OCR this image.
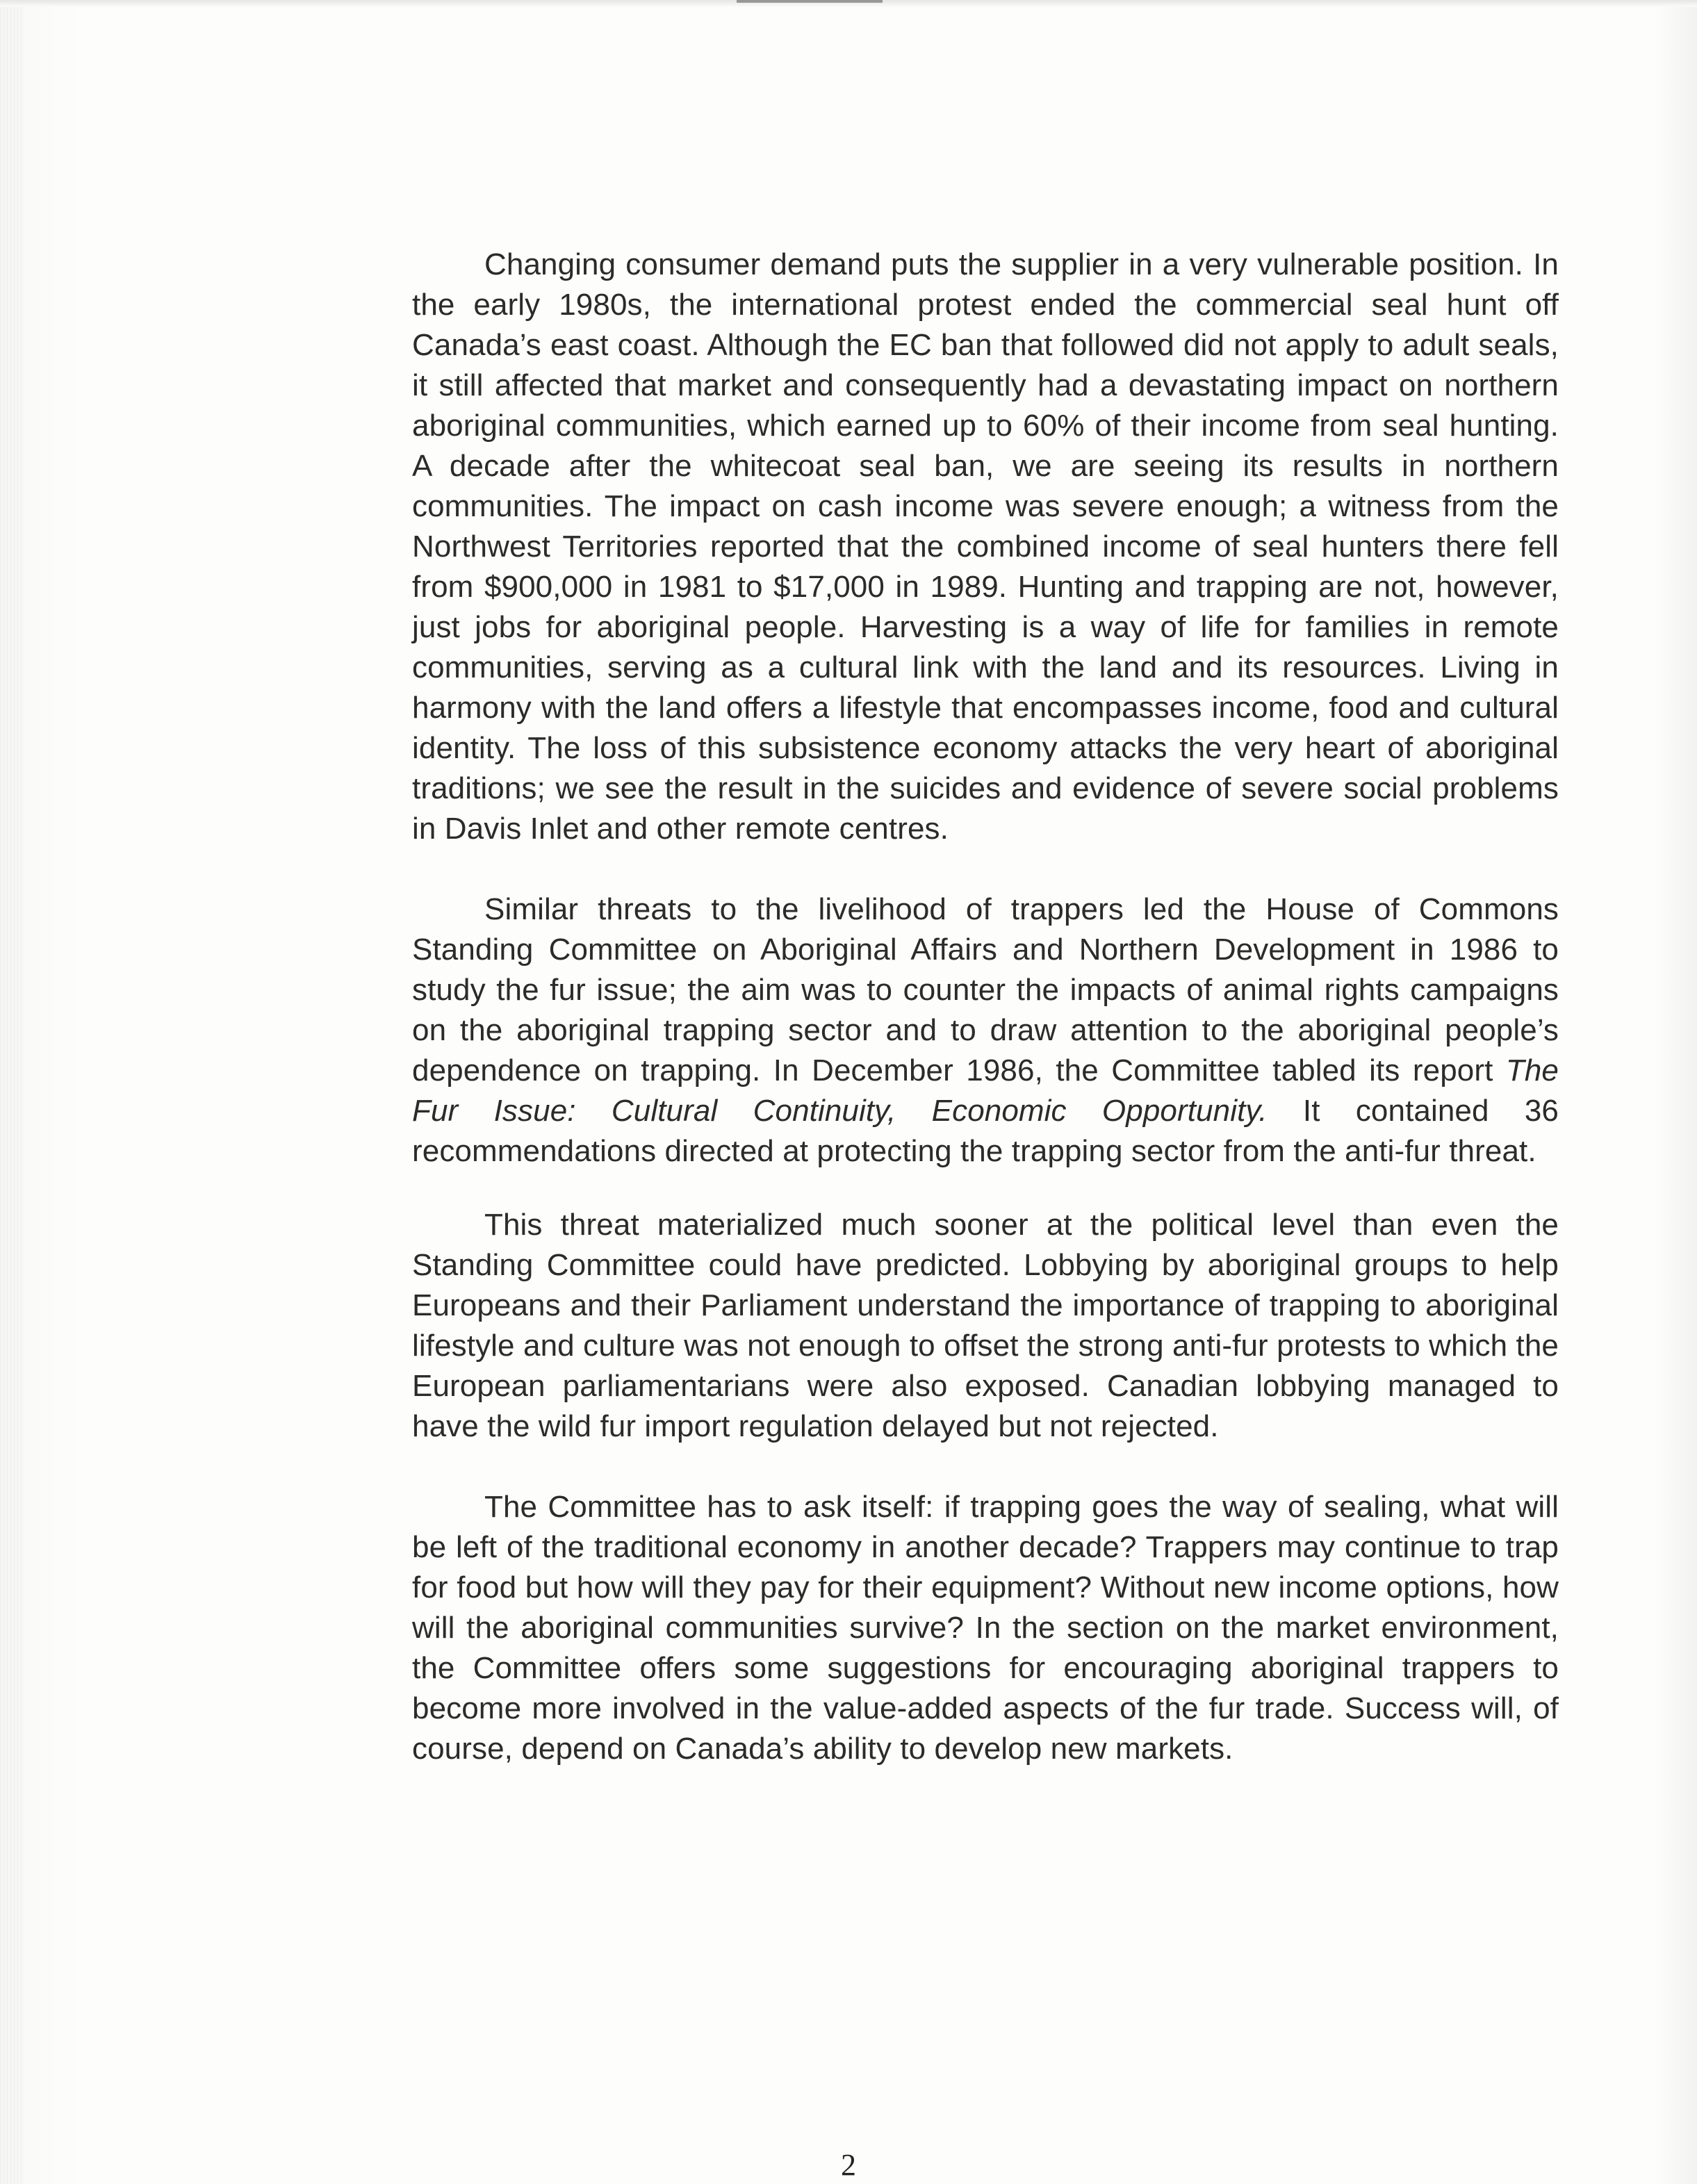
Changing consumer demand puts the supplier in a very vulnerable position. In the early 1980s, the international protest ended the commercial seal hunt off Canada’s east coast. Although the EC ban that followed did not apply to adult seals, it still affected that market and consequently had a devastating impact on northern aboriginal communities, which earned up to 60% of their income from seal hunting. A decade after the whitecoat seal ban, we are seeing its results in northern communities. The impact on cash income was severe enough; a witness from the Northwest Territories reported that the combined income of seal hunters there fell from $900,000 in 1981 to $17,000 in 1989. Hunting and trapping are not, however, just jobs for aboriginal people. Harvesting is a way of life for families in remote communities, serving as a cultural link with the land and its resources. Living in harmony with the land offers a lifestyle that encompasses income, food and cultural identity. The loss of this subsistence economy attacks the very heart of aboriginal traditions; we see the result in the suicides and evidence of severe social problems in Davis Inlet and other remote centres.

Similar threats to the livelihood of trappers led the House of Commons Standing Committee on Aboriginal Affairs and Northern Development in 1986 to study the fur issue; the aim was to counter the impacts of animal rights campaigns on the aboriginal trapping sector and to draw attention to the aboriginal people’s dependence on trapping. In December 1986, the Committee tabled its report The Fur Issue: Cultural Continuity, Economic Opportunity. It contained 36 recommendations directed at protecting the trapping sector from the anti-fur threat.

This threat materialized much sooner at the political level than even the Standing Committee could have predicted. Lobbying by aboriginal groups to help Europeans and their Parliament understand the importance of trapping to aboriginal lifestyle and culture was not enough to offset the strong anti-fur protests to which the European parliamentarians were also exposed. Canadian lobbying managed to have the wild fur import regulation delayed but not rejected.

The Committee has to ask itself: if trapping goes the way of sealing, what will be left of the traditional economy in another decade? Trappers may continue to trap for food but how will they pay for their equipment? Without new income options, how will the aboriginal communities survive? In the section on the market environment, the Committee offers some suggestions for encouraging aboriginal trappers to become more involved in the value-added aspects of the fur trade. Success will, of course, depend on Canada’s ability to develop new markets.

2
